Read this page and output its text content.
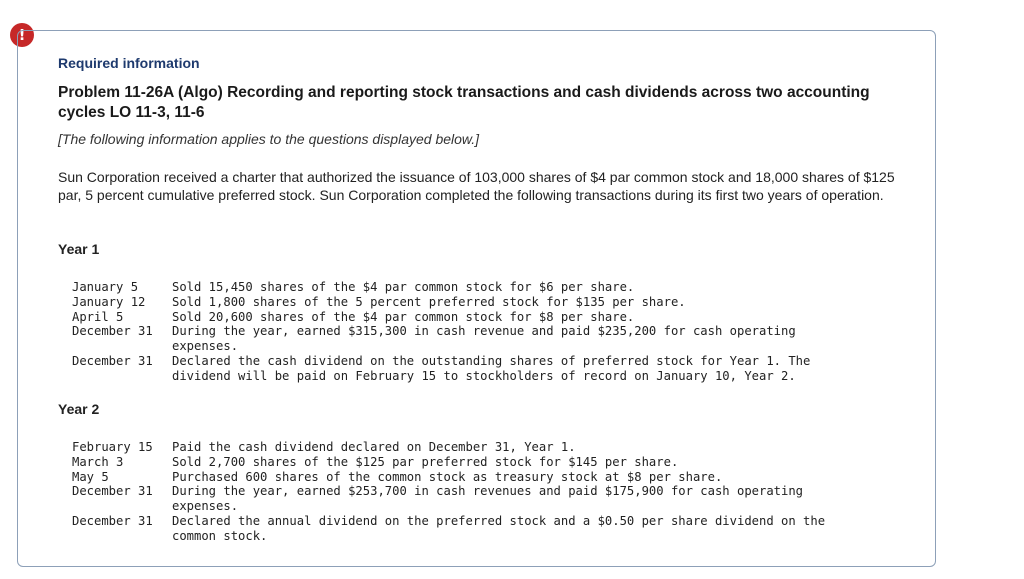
!

Required information

Problem 11-26A (Algo) Recording and reporting stock transactions and cash dividends across two accounting cycles LO 11-3, 11-6

[The following information applies to the questions displayed below.]

Sun Corporation received a charter that authorized the issuance of 103,000 shares of $4 par common stock and 18,000 shares of $125 par, 5 percent cumulative preferred stock. Sun Corporation completed the following transactions during its first two years of operation.

Year 1

January 5	Sold 15,450 shares of the $4 par common stock for $6 per share.
January 12	Sold 1,800 shares of the 5 percent preferred stock for $135 per share.
April 5	Sold 20,600 shares of the $4 par common stock for $8 per share.
December 31	During the year, earned $315,300 in cash revenue and paid $235,200 for cash operating expenses.
December 31	Declared the cash dividend on the outstanding shares of preferred stock for Year 1. The dividend will be paid on February 15 to stockholders of record on January 10, Year 2.

Year 2

February 15	Paid the cash dividend declared on December 31, Year 1.
March 3	Sold 2,700 shares of the $125 par preferred stock for $145 per share.
May 5	Purchased 600 shares of the common stock as treasury stock at $8 per share.
December 31	During the year, earned $253,700 in cash revenues and paid $175,900 for cash operating expenses.
December 31	Declared the annual dividend on the preferred stock and a $0.50 per share dividend on the common stock.
